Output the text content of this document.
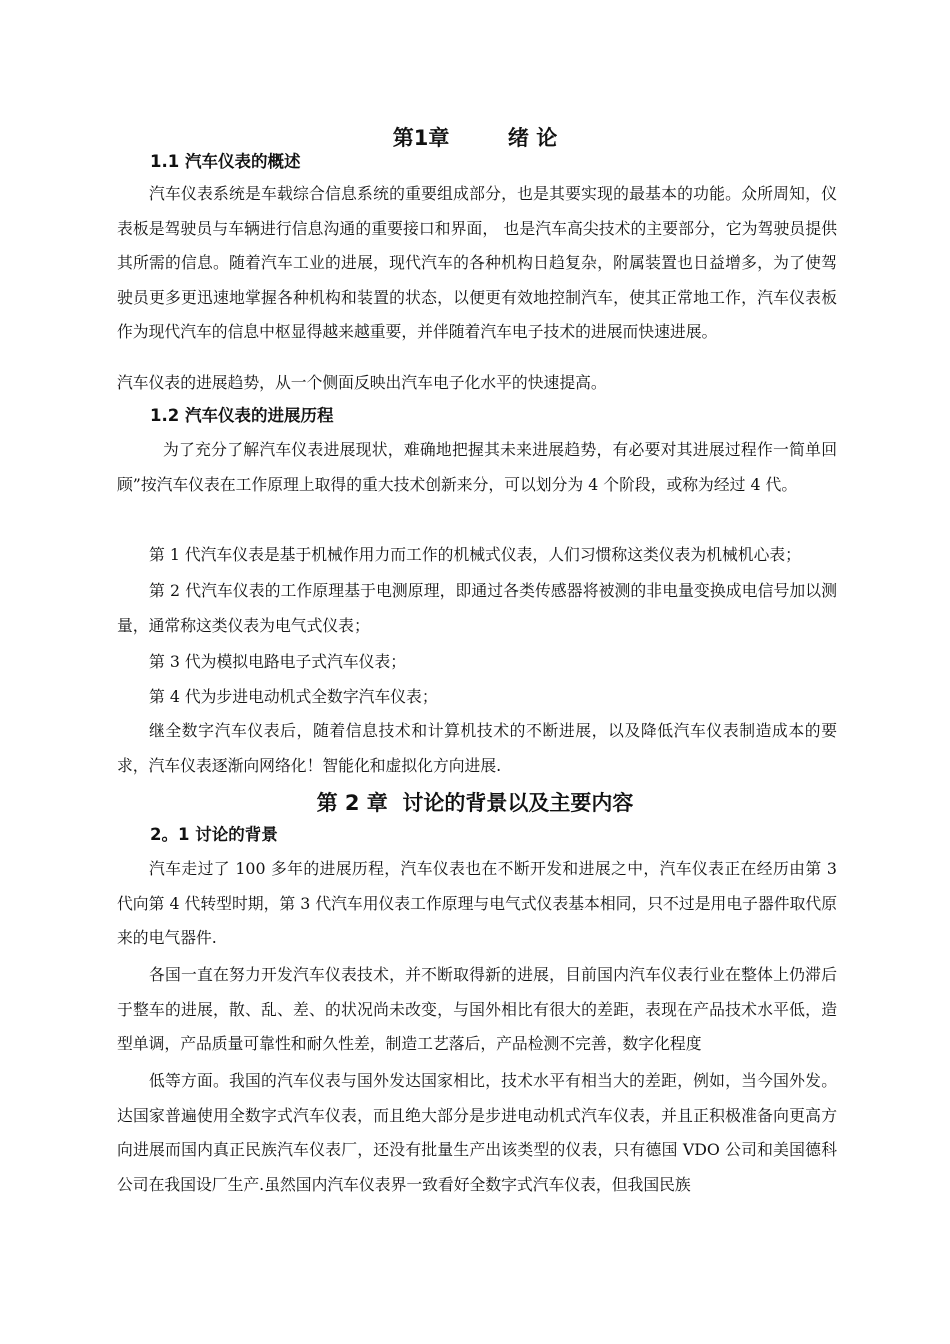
第1章        绪 论
1.1 汽车仪表的概述

汽车仪表系统是车载综合信息系统的重要组成部分，也是其要实现的最基本的功能。众所周知，仪表板是驾驶员与车辆进行信息沟通的重要接口和界面， 也是汽车高尖技术的主要部分，它为驾驶员提供其所需的信息。随着汽车工业的进展，现代汽车的各种机构日趋复杂，附属装置也日益增多，为了使驾驶员更多更迅速地掌握各种机构和装置的状态，以便更有效地控制汽车，使其正常地工作，汽车仪表板作为现代汽车的信息中枢显得越来越重要，并伴随着汽车电子技术的进展而快速进展。

汽车仪表的进展趋势，从一个侧面反映出汽车电子化水平的快速提高。

1.2 汽车仪表的进展历程

为了充分了解汽车仪表进展现状，难确地把握其未来进展趋势，有必要对其进展过程作一简单回顾”按汽车仪表在工作原理上取得的重大技术创新来分，可以划分为 4 个阶段，或称为经过 4 代。

第 1 代汽车仪表是基于机械作用力而工作的机械式仪表，人们习惯称这类仪表为机械机心表；

第 2 代汽车仪表的工作原理基于电测原理，即通过各类传感器将被测的非电量变换成电信号加以测量，通常称这类仪表为电气式仪表；

第 3 代为模拟电路电子式汽车仪表；

第 4 代为步进电动机式全数字汽车仪表；

继全数字汽车仪表后，随着信息技术和计算机技术的不断进展，以及降低汽车仪表制造成本的要求，汽车仪表逐渐向网络化！智能化和虚拟化方向进展.

第 2 章  讨论的背景以及主要内容
2。1 讨论的背景

汽车走过了 100 多年的进展历程，汽车仪表也在不断开发和进展之中，汽车仪表正在经历由第 3 代向第 4 代转型时期，第 3 代汽车用仪表工作原理与电气式仪表基本相同，只不过是用电子器件取代原来的电气器件.

各国一直在努力开发汽车仪表技术，并不断取得新的进展，目前国内汽车仪表行业在整体上仍滞后于整车的进展，散、乱、差、的状况尚未改变，与国外相比有很大的差距，表现在产品技术水平低，造型单调，产品质量可靠性和耐久性差，制造工艺落后，产品检测不完善，数字化程度

低等方面。我国的汽车仪表与国外发达国家相比，技术水平有相当大的差距，例如，当今国外发。达国家普遍使用全数字式汽车仪表，而且绝大部分是步进电动机式汽车仪表，并且正积极准备向更高方向进展而国内真正民族汽车仪表厂，还没有批量生产出该类型的仪表，只有德国 VDO 公司和美国德科公司在我国设厂生产.虽然国内汽车仪表界一致看好全数字式汽车仪表，但我国民族
